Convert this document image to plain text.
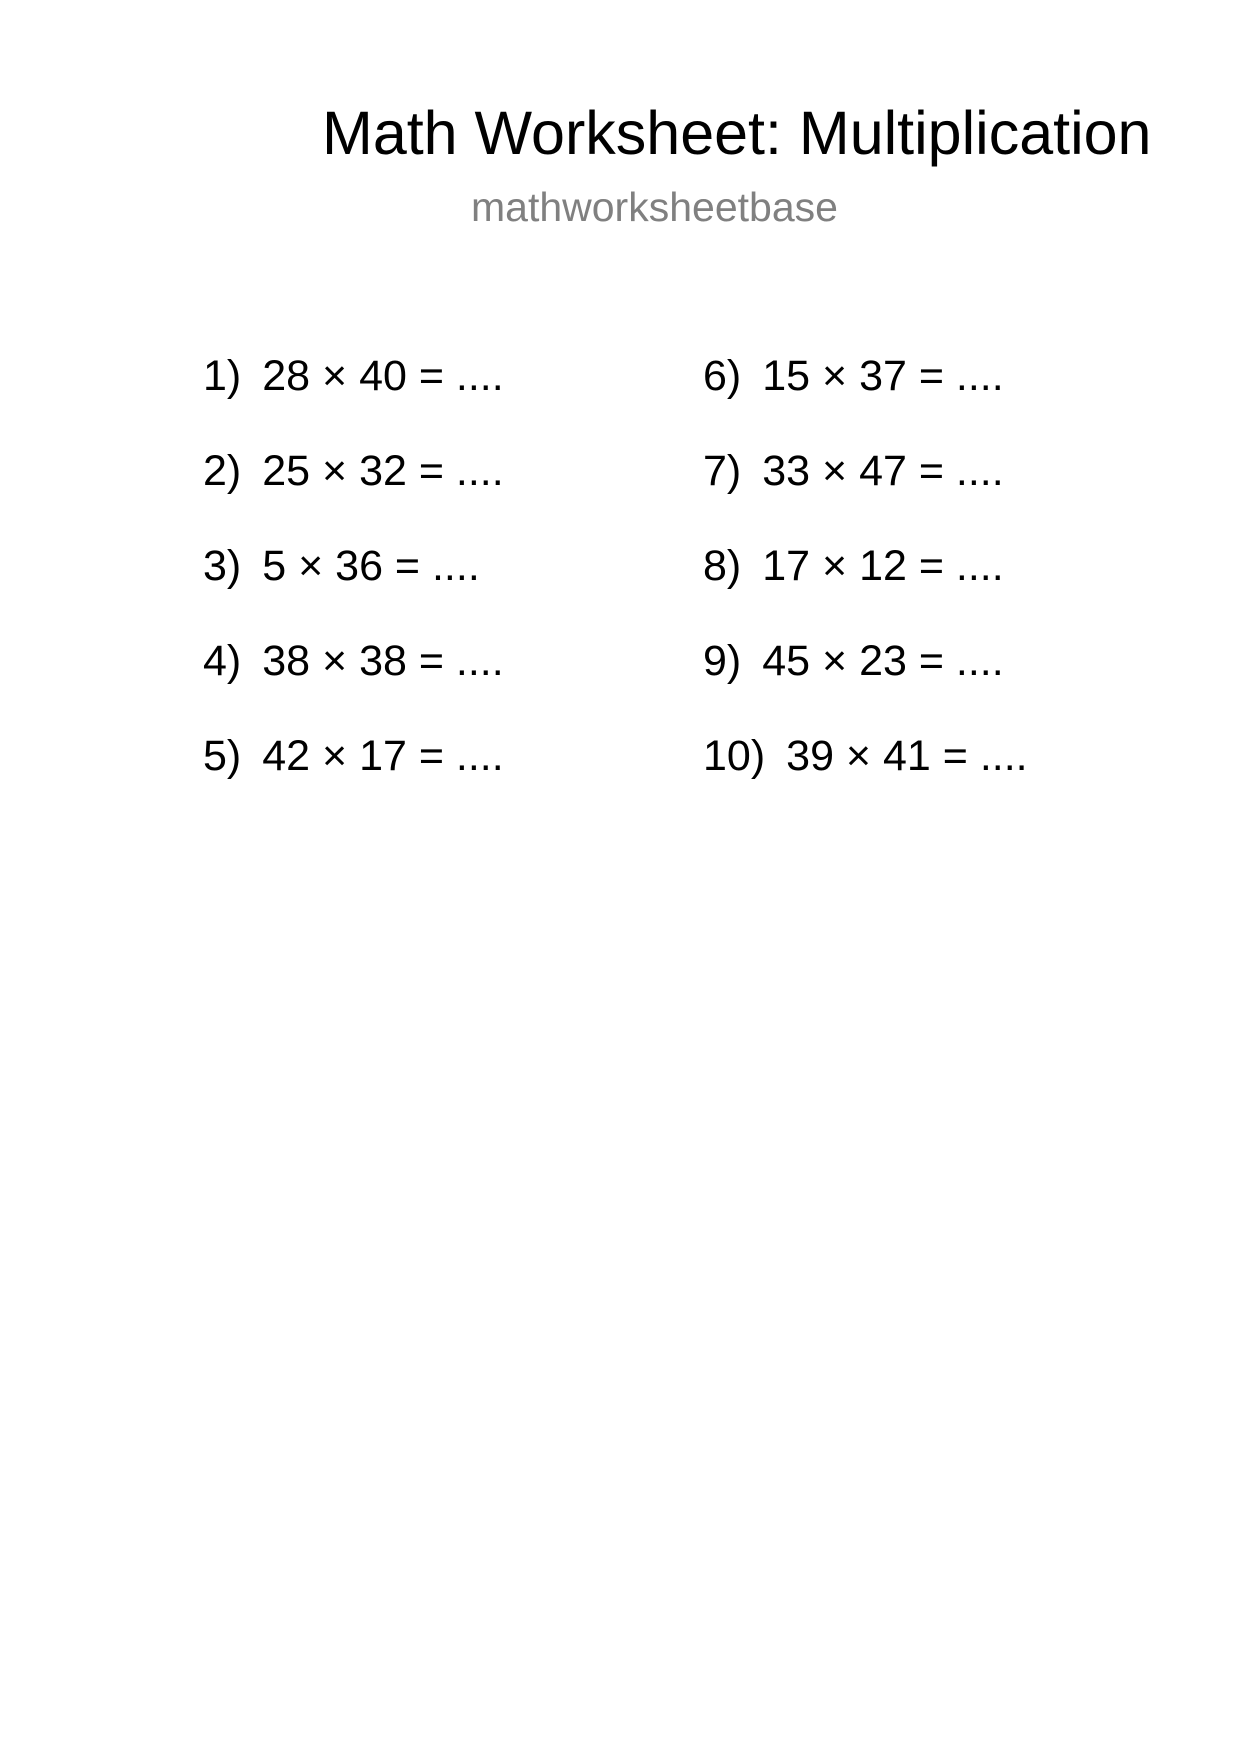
Math Worksheet: Multiplication
mathworksheetbase
1) 28 × 40 = ....
2) 25 × 32 = ....
3) 5 × 36 = ....
4) 38 × 38 = ....
5) 42 × 17 = ....
6) 15 × 37 = ....
7) 33 × 47 = ....
8) 17 × 12 = ....
9) 45 × 23 = ....
10) 39 × 41 = ....
